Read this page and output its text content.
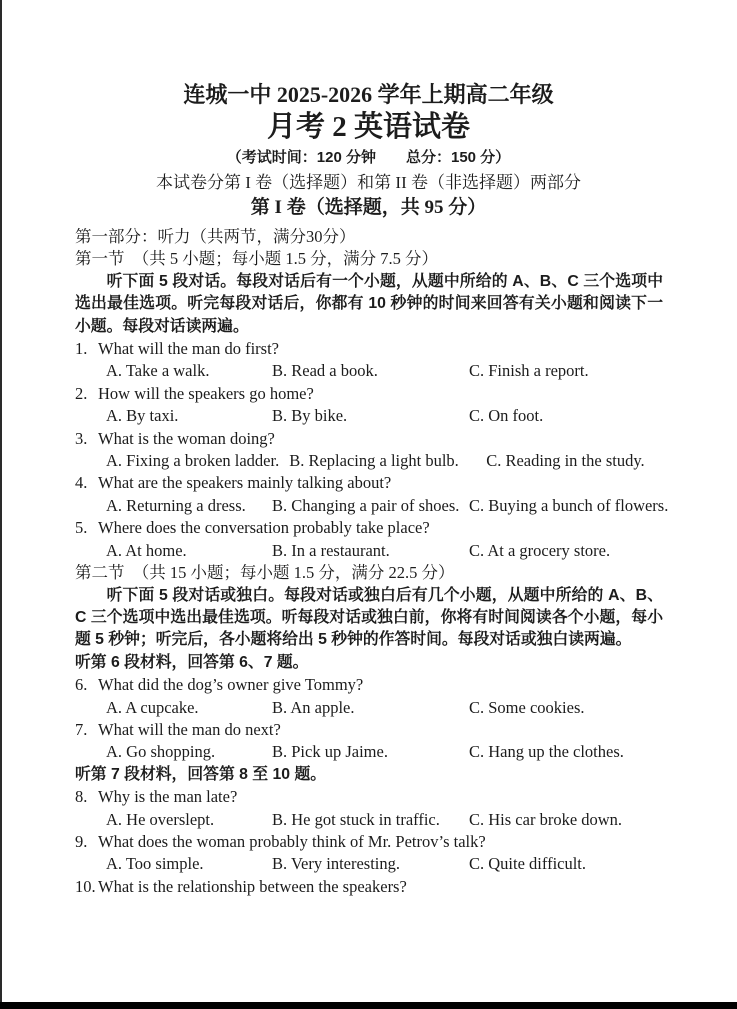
连城一中 2025-2026 学年上期高二年级
月考 2 英语试卷
（考试时间：120 分钟　　总分：150 分）
本试卷分第 I 卷（选择题）和第 II 卷（非选择题）两部分
第 I 卷（选择题，共 95 分）
第一部分：听力（共两节，满分30分）
第一节　（共 5 小题；每小题 1.5 分，满分 7.5 分）
听下面 5 段对话。每段对话后有一个小题，从题中所给的 A、B、C 三个选项中选出最佳选项。听完每段对话后，你都有 10 秒钟的时间来回答有关小题和阅读下一小题。每段对话读两遍。
1. What will the man do first?
A. Take a walk.	B. Read a book.	C. Finish a report.
2. How will the speakers go home?
A. By taxi.	B. By bike.	C. On foot.
3. What is the woman doing?
A. Fixing a broken ladder. B. Replacing a light bulb.	C. Reading in the study.
4. What are the speakers mainly talking about?
A. Returning a dress.	B. Changing a pair of shoes. C. Buying a bunch of flowers.
5. Where does the conversation probably take place?
A. At home.	B. In a restaurant.	C. At a grocery store.
第二节　（共 15 小题；每小题 1.5 分，满分 22.5 分）
听下面 5 段对话或独白。每段对话或独白后有几个小题，从题中所给的 A、B、C 三个选项中选出最佳选项。听每段对话或独白前，你将有时间阅读各个小题，每小题 5 秒钟；听完后，各小题将给出 5 秒钟的作答时间。每段对话或独白读两遍。
听第 6 段材料，回答第 6、7 题。
6. What did the dog’s owner give Tommy?
A. A cupcake.	B. An apple.	C. Some cookies.
7. What will the man do next?
A. Go shopping.	B. Pick up Jaime.	C. Hang up the clothes.
听第 7 段材料，回答第 8 至 10 题。
8. Why is the man late?
A. He overslept.	B. He got stuck in traffic.	C. His car broke down.
9. What does the woman probably think of Mr. Petrov’s talk?
A. Too simple.	B. Very interesting.	C. Quite difficult.
10. What is the relationship between the speakers?
